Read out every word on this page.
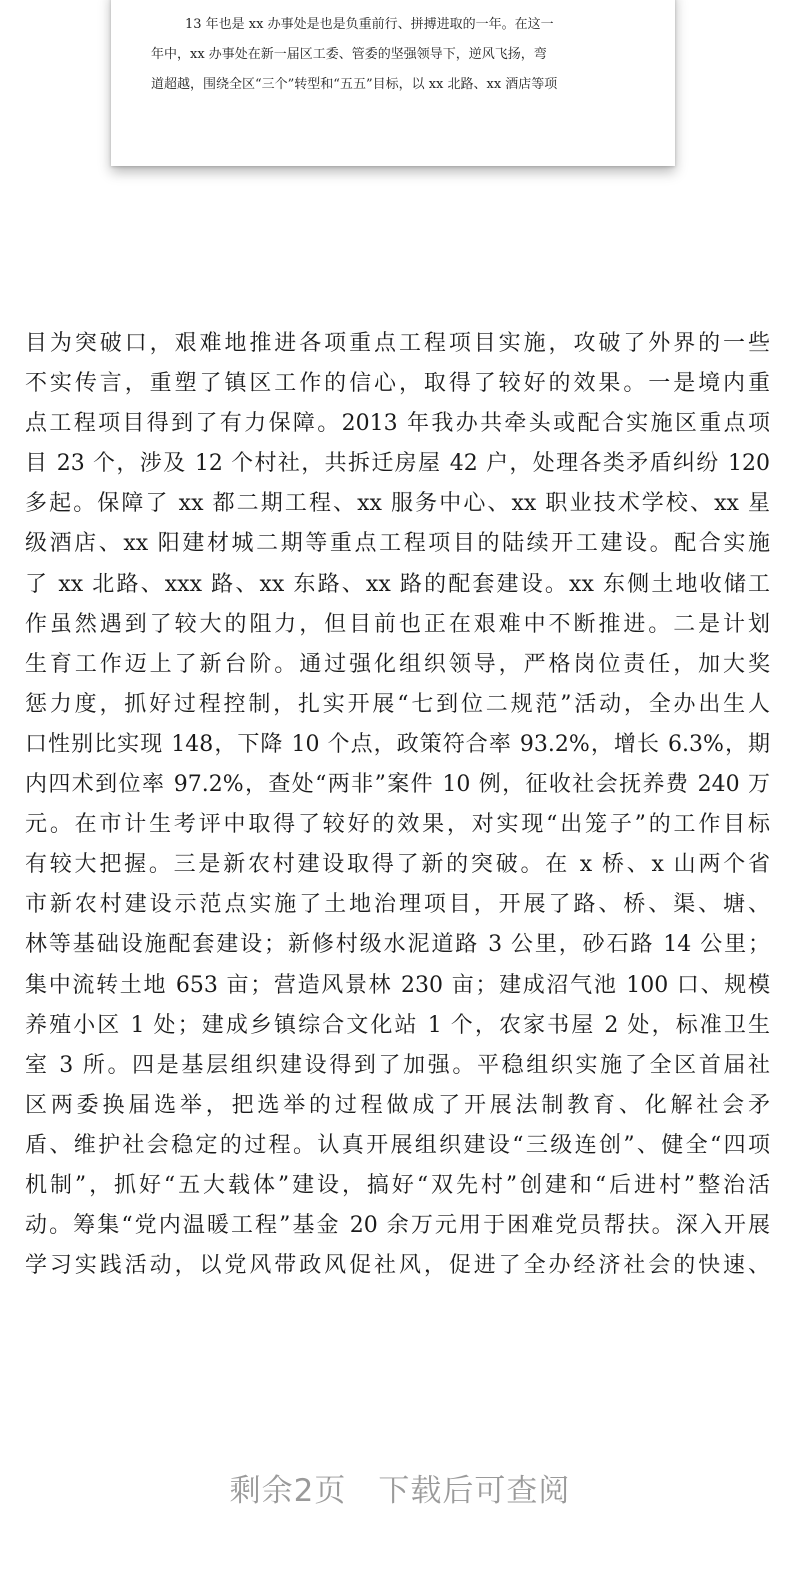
13 年也是 xx 办事处是也是负重前行、拼搏进取的一年。在这一
年中，xx 办事处在新一届区工委、管委的坚强领导下，逆风飞扬，弯
道超越，围绕全区“三个”转型和“五五”目标，以 xx 北路、xx 酒店等项
目为突破口，艰难地推进各项重点工程项目实施，攻破了外界的一些
不实传言，重塑了镇区工作的信心，取得了较好的效果。一是境内重
点工程项目得到了有力保障。2013 年我办共牵头或配合实施区重点项
目 23 个，涉及 12 个村社，共拆迁房屋 42 户，处理各类矛盾纠纷 120
多起。保障了 xx 都二期工程、xx 服务中心、xx 职业技术学校、xx 星
级酒店、xx 阳建材城二期等重点工程项目的陆续开工建设。配合实施
了 xx 北路、xxx 路、xx 东路、xx 路的配套建设。xx 东侧土地收储工
作虽然遇到了较大的阻力，但目前也正在艰难中不断推进。二是计划
生育工作迈上了新台阶。通过强化组织领导，严格岗位责任，加大奖
惩力度，抓好过程控制，扎实开展“七到位二规范”活动，全办出生人
口性别比实现 148，下降 10 个点，政策符合率 93.2%，增长 6.3%，期
内四术到位率 97.2%，查处“两非”案件 10 例，征收社会抚养费 240 万
元。在市计生考评中取得了较好的效果，对实现“出笼子”的工作目标
有较大把握。三是新农村建设取得了新的突破。在 x 桥、x 山两个省
市新农村建设示范点实施了土地治理项目，开展了路、桥、渠、塘、
林等基础设施配套建设；新修村级水泥道路 3 公里，砂石路 14 公里；
集中流转土地 653 亩；营造风景林 230 亩；建成沼气池 100 口、规模
养殖小区 1 处；建成乡镇综合文化站 1 个，农家书屋 2 处，标准卫生
室 3 所。四是基层组织建设得到了加强。平稳组织实施了全区首届社
区两委换届选举，把选举的过程做成了开展法制教育、化解社会矛
盾、维护社会稳定的过程。认真开展组织建设“三级连创”、健全“四项
机制”，抓好“五大载体”建设，搞好“双先村”创建和“后进村”整治活
动。筹集“党内温暖工程”基金 20 余万元用于困难党员帮扶。深入开展
学习实践活动，以党风带政风促社风，促进了全办经济社会的快速、
剩余2页　下载后可查阅
